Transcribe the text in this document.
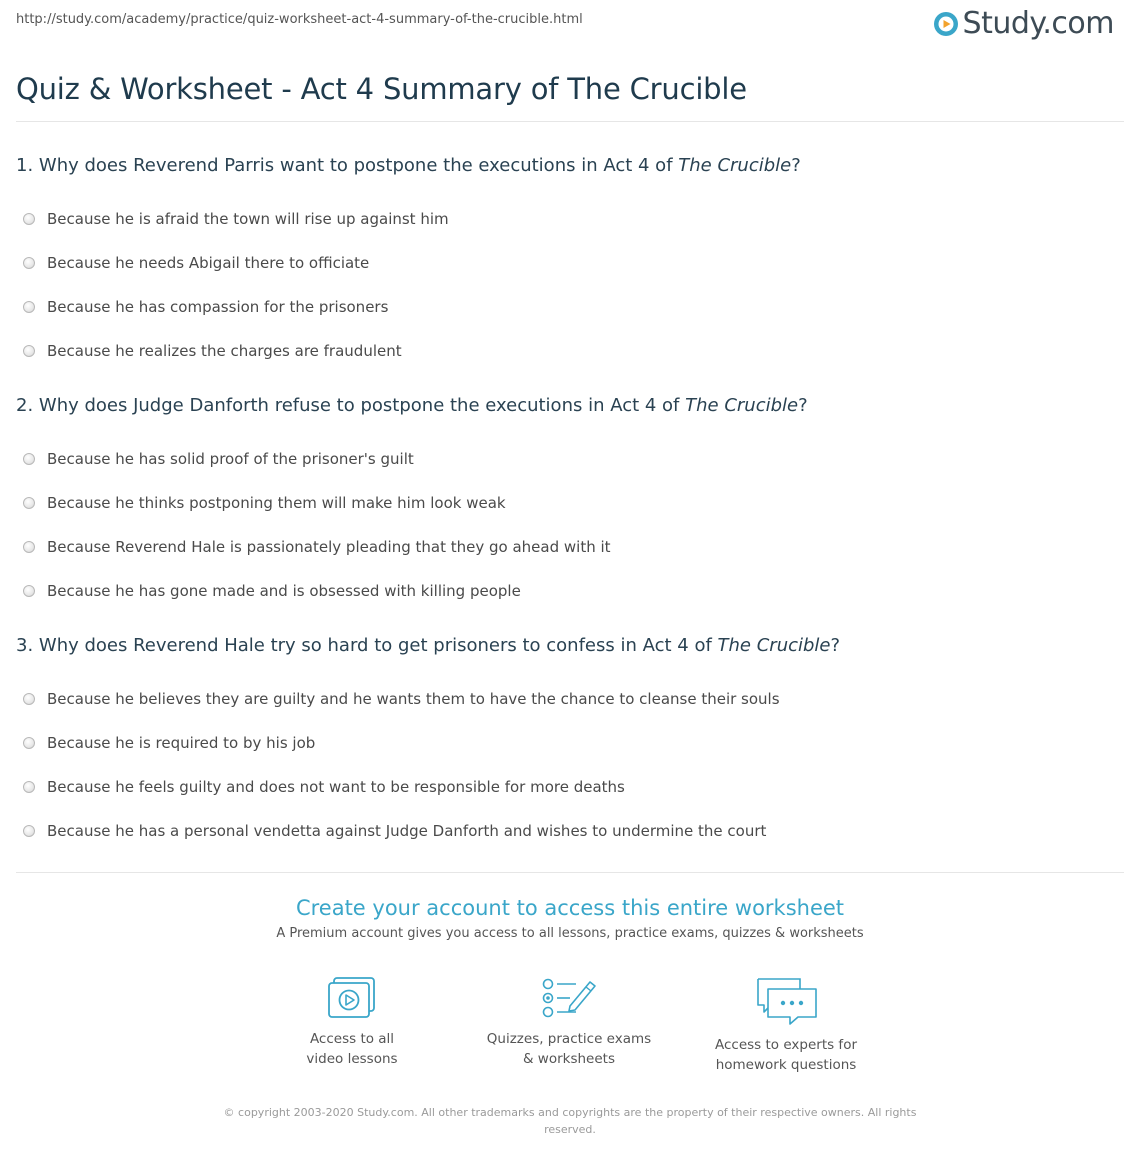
http://study.com/academy/practice/quiz-worksheet-act-4-summary-of-the-crucible.html	Study.com
Quiz & Worksheet - Act 4 Summary of The Crucible
1. Why does Reverend Parris want to postpone the executions in Act 4 of The Crucible?
Because he is afraid the town will rise up against him
Because he needs Abigail there to officiate
Because he has compassion for the prisoners
Because he realizes the charges are fraudulent
2. Why does Judge Danforth refuse to postpone the executions in Act 4 of The Crucible?
Because he has solid proof of the prisoner's guilt
Because he thinks postponing them will make him look weak
Because Reverend Hale is passionately pleading that they go ahead with it
Because he has gone made and is obsessed with killing people
3. Why does Reverend Hale try so hard to get prisoners to confess in Act 4 of The Crucible?
Because he believes they are guilty and he wants them to have the chance to cleanse their souls
Because he is required to by his job
Because he feels guilty and does not want to be responsible for more deaths
Because he has a personal vendetta against Judge Danforth and wishes to undermine the court
Create your account to access this entire worksheet
A Premium account gives you access to all lessons, practice exams, quizzes & worksheets
Access to all
video lessons
Quizzes, practice exams
& worksheets
Access to experts for
homework questions
© copyright 2003-2020 Study.com. All other trademarks and copyrights are the property of their respective owners. All rights
reserved.
